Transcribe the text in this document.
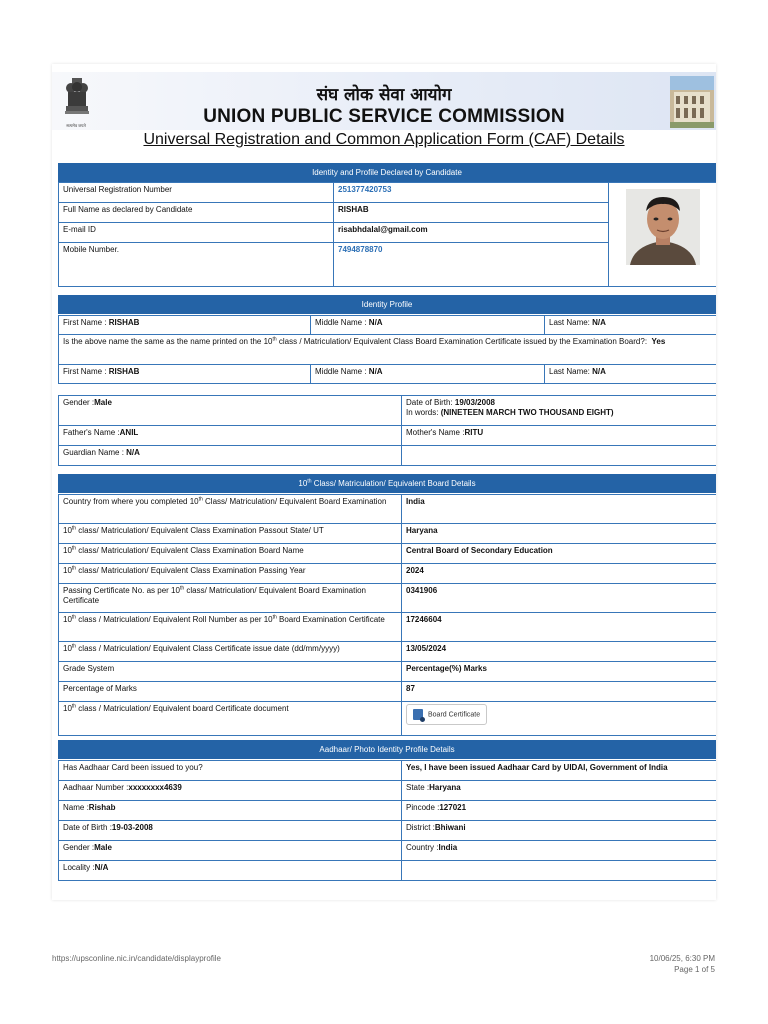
सत्यमेव जयते
संघ लोक सेवा आयोग
UNION PUBLIC SERVICE COMMISSION
Universal Registration and Common Application Form (CAF) Details
Identity and Profile Declared by Candidate
Universal Registration Number	251377420753	

Full Name as declared by Candidate	RISHAB	
E-mail ID	risabhdalal@gmail.com	
Mobile Number.	7494878870	
Identity Profile
First Name : RISHAB	Middle Name : N/A	Last Name: N/A
Is the above name the same as the name printed on the 10th class / Matriculation/ Equivalent Class Board Examination Certificate issued by the Examination Board?: Yes		
First Name : RISHAB	Middle Name : N/A	Last Name: N/A
Gender :Male	Date of Birth: 19/03/2008
In words: (NINETEEN MARCH TWO THOUSAND EIGHT)
Father's Name :ANIL	Mother's Name :RITU
Guardian Name : N/A	
10th Class/ Matriculation/ Equivalent Board Details
Country from where you completed 10th Class/ Matriculation/ Equivalent Board Examination	India
10th class/ Matriculation/ Equivalent Class Examination Passout State/ UT	Haryana
10th class/ Matriculation/ Equivalent Class Examination Board Name	Central Board of Secondary Education
10th class/ Matriculation/ Equivalent Class Examination Passing Year	2024
Passing Certificate No. as per 10th class/ Matriculation/ Equivalent Board Examination Certificate	0341906
10th class / Matriculation/ Equivalent Roll Number as per 10th Board Examination Certificate	17246604
10th class / Matriculation/ Equivalent Class Certificate issue date (dd/mm/yyyy)	13/05/2024
Grade System	Percentage(%) Marks
Percentage of Marks	87
10th class / Matriculation/ Equivalent board Certificate document	Board Certificate
Aadhaar/ Photo Identity Profile Details
Has Aadhaar Card been issued to you?	Yes, I have been issued Aadhaar Card by UIDAI, Government of India
Aadhaar Number :xxxxxxxx4639	State :Haryana
Name :Rishab	Pincode :127021
Date of Birth :19-03-2008	District :Bhiwani
Gender :Male	Country :India
Locality :N/A	
https://upsconline.nic.in/candidate/displayprofile	10/06/25, 6:30 PM
Page 1 of 5
